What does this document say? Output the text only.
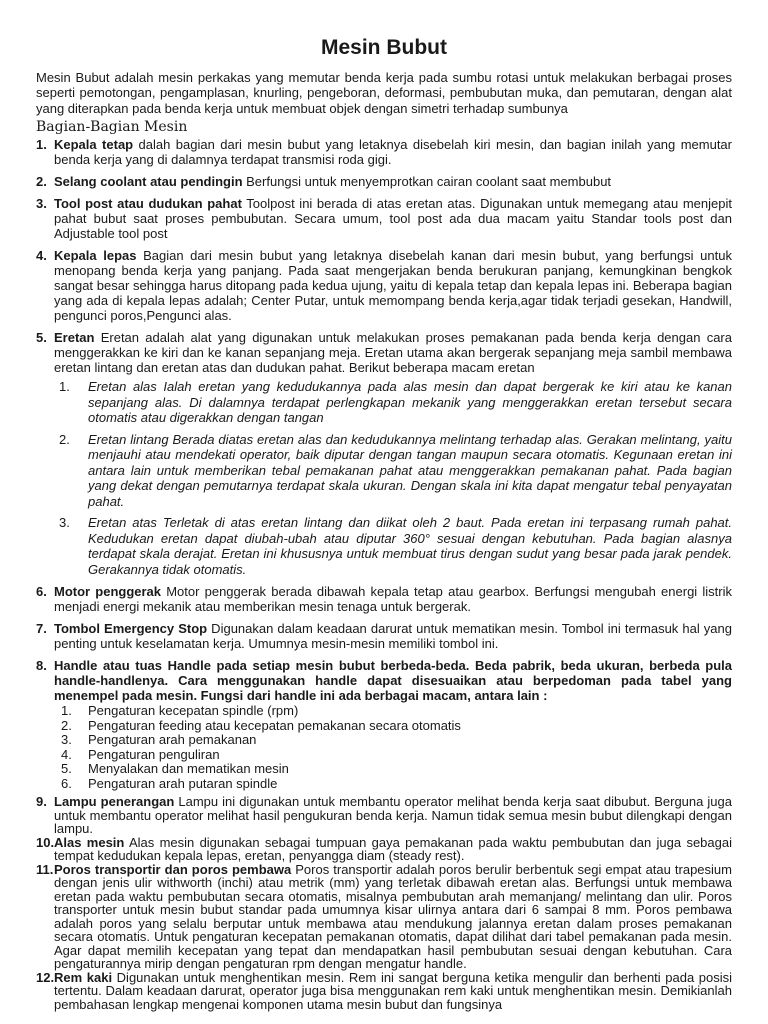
Mesin Bubut

Mesin Bubut adalah mesin perkakas yang memutar benda kerja pada sumbu rotasi untuk melakukan berbagai proses seperti pemotongan, pengamplasan, knurling, pengeboran, deformasi, pembubutan muka, dan pemutaran, dengan alat yang diterapkan pada benda kerja untuk membuat objek dengan simetri terhadap sumbunya

Bagian-Bagian Mesin
1. Kepala tetap dalah bagian dari mesin bubut yang letaknya disebelah kiri mesin, dan bagian inilah yang memutar benda kerja yang di dalamnya terdapat transmisi roda gigi.
2. Selang coolant atau pendingin Berfungsi untuk menyemprotkan cairan coolant saat membubut
3. Tool post atau dudukan pahat Toolpost ini berada di atas eretan atas. Digunakan untuk memegang atau menjepit pahat bubut saat proses pembubutan. Secara umum, tool post ada dua macam yaitu Standar tools post dan Adjustable tool post
4. Kepala lepas Bagian dari mesin bubut yang letaknya disebelah kanan dari mesin bubut, yang berfungsi untuk menopang benda kerja yang panjang. Pada saat mengerjakan benda berukuran panjang, kemungkinan bengkok sangat besar sehingga harus ditopang pada kedua ujung, yaitu di kepala tetap dan kepala lepas ini. Beberapa bagian yang ada di kepala lepas adalah; Center Putar, untuk memompang benda kerja,agar tidak terjadi gesekan, Handwill, pengunci poros,Pengunci alas.
5. Eretan Eretan adalah alat yang digunakan untuk melakukan proses pemakanan pada benda kerja dengan cara menggerakkan ke kiri dan ke kanan sepanjang meja. Eretan utama akan bergerak sepanjang meja sambil membawa eretan lintang dan eretan atas dan dudukan pahat. Berikut beberapa macam eretan
1. Eretan alas Ialah eretan yang kedudukannya pada alas mesin dan dapat bergerak ke kiri atau ke kanan sepanjang alas. Di dalamnya terdapat perlengkapan mekanik yang menggerakkan eretan tersebut secara otomatis atau digerakkan dengan tangan
2. Eretan lintang Berada diatas eretan alas dan kedudukannya melintang terhadap alas. Gerakan melintang, yaitu menjauhi atau mendekati operator, baik diputar dengan tangan maupun secara otomatis. Kegunaan eretan ini antara lain untuk memberikan tebal pemakanan pahat atau menggerakkan pemakanan pahat. Pada bagian yang dekat dengan pemutarnya terdapat skala ukuran. Dengan skala ini kita dapat mengatur tebal penyayatan pahat.
3. Eretan atas Terletak di atas eretan lintang dan diikat oleh 2 baut. Pada eretan ini terpasang rumah pahat. Kedudukan eretan dapat diubah-ubah atau diputar 360° sesuai dengan kebutuhan. Pada bagian alasnya terdapat skala derajat. Eretan ini khususnya untuk membuat tirus dengan sudut yang besar pada jarak pendek. Gerakannya tidak otomatis.
6. Motor penggerak Motor penggerak berada dibawah kepala tetap atau gearbox. Berfungsi mengubah energi listrik menjadi energi mekanik atau memberikan mesin tenaga untuk bergerak.
7. Tombol Emergency Stop Digunakan dalam keadaan darurat untuk mematikan mesin. Tombol ini termasuk hal yang penting untuk keselamatan kerja. Umumnya mesin-mesin memiliki tombol ini.
8. Handle atau tuas Handle pada setiap mesin bubut berbeda-beda. Beda pabrik, beda ukuran, berbeda pula handle-handlenya. Cara menggunakan handle dapat disesuaikan atau berpedoman pada tabel yang menempel pada mesin. Fungsi dari handle ini ada berbagai macam, antara lain :
1. Pengaturan kecepatan spindle (rpm)
2. Pengaturan feeding atau kecepatan pemakanan secara otomatis
3. Pengaturan arah pemakanan
4. Pengaturan penguliran
5. Menyalakan dan mematikan mesin
6. Pengaturan arah putaran spindle
9. Lampu penerangan Lampu ini digunakan untuk membantu operator melihat benda kerja saat dibubut. Berguna juga untuk membantu operator melihat hasil pengukuran benda kerja. Namun tidak semua mesin bubut dilengkapi dengan lampu.
10. Alas mesin Alas mesin digunakan sebagai tumpuan gaya pemakanan pada waktu pembubutan dan juga sebagai tempat kedudukan kepala lepas, eretan, penyangga diam (steady rest).
11. Poros transportir dan poros pembawa Poros transportir adalah poros berulir berbentuk segi empat atau trapesium dengan jenis ulir withworth (inchi) atau metrik (mm) yang terletak dibawah eretan alas. Berfungsi untuk membawa eretan pada waktu pembubutan secara otomatis, misalnya pembubutan arah memanjang/ melintang dan ulir. Poros transporter untuk mesin bubut standar pada umumnya kisar ulirnya antara dari 6 sampai 8 mm. Poros pembawa adalah poros yang selalu berputar untuk membawa atau mendukung jalannya eretan dalam proses pemakanan secara otomatis. Untuk pengaturan kecepatan pemakanan otomatis, dapat dilihat dari tabel pemakanan pada mesin. Agar dapat memilih kecepatan yang tepat dan mendapatkan hasil pembubutan sesuai dengan kebutuhan. Cara pengaturannya mirip dengan pengaturan rpm dengan mengatur handle.
12. Rem kaki Digunakan untuk menghentikan mesin. Rem ini sangat berguna ketika mengulir dan berhenti pada posisi tertentu. Dalam keadaan darurat, operator juga bisa menggunakan rem kaki untuk menghentikan mesin. Demikianlah pembahasan lengkap mengenai komponen utama mesin bubut dan fungsinya
